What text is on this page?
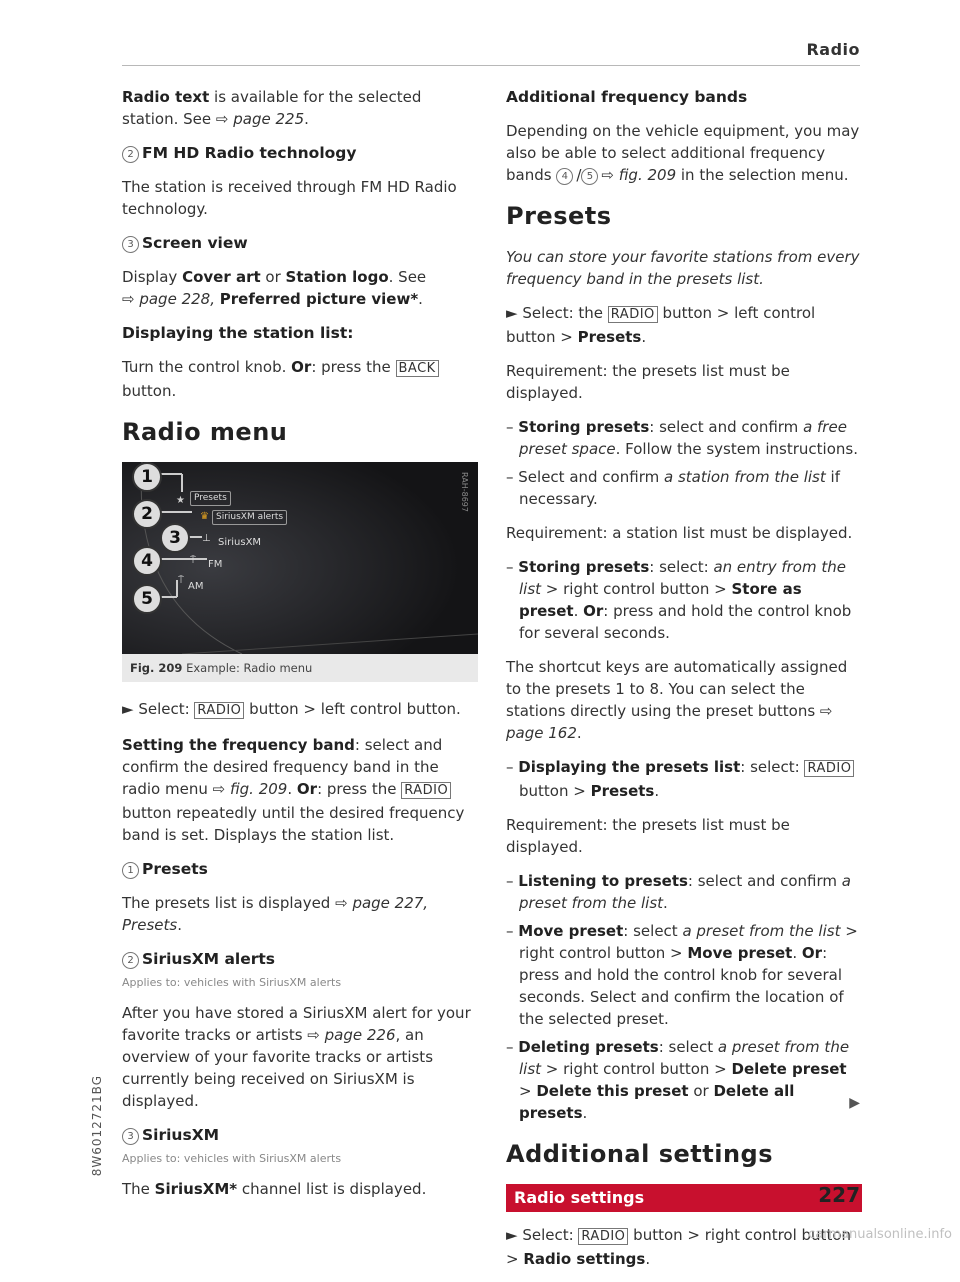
Radio

Radio text is available for the selected station. See ⇨ page 225.

2 FM HD Radio technology

The station is received through FM HD Radio technology.

3 Screen view

Display Cover art or Station logo. See
⇨ page 228, Preferred picture view*.

Displaying the station list:

Turn the control knob. Or: press the BACK button.

Radio menu
RAH-8697
1
2
3
4
5
★	Presets
♛ SiriusXM alerts
⊥ SiriusXM
⍑ FM
⍑
AM
Fig. 209 Example: Radio menu

► Select: RADIO button > left control button.

Setting the frequency band: select and confirm the desired frequency band in the radio menu ⇨ fig. 209. Or: press the RADIO button repeatedly until the desired frequency band is set. Displays the station list.

1 Presets

The presets list is displayed ⇨ page 227, Presets.

2 SiriusXM alerts
Applies to: vehicles with SiriusXM alerts

After you have stored a SiriusXM alert for your favorite tracks or artists ⇨ page 226, an overview of your favorite tracks or artists currently being received on SiriusXM is displayed.

3 SiriusXM
Applies to: vehicles with SiriusXM alerts

The SiriusXM* channel list is displayed.

Additional frequency bands

Depending on the vehicle equipment, you may also be able to select additional frequency bands 4 / 5 ⇨ fig. 209 in the selection menu.

Presets

You can store your favorite stations from every frequency band in the presets list.

► Select: the RADIO button > left control button > Presets.

Requirement: the presets list must be displayed.

– Storing presets: select and confirm a free preset space. Follow the system instructions.

– Select and confirm a station from the list if necessary.

Requirement: a station list must be displayed.

– Storing presets: select: an entry from the list > right control button > Store as preset. Or: press and hold the control knob for several seconds.

The shortcut keys are automatically assigned to the presets 1 to 8. You can select the stations directly using the preset buttons ⇨ page 162.

– Displaying the presets list: select: RADIO button > Presets.

Requirement: the presets list must be displayed.

– Listening to presets: select and confirm a preset from the list.

– Move preset: select a preset from the list > right control button > Move preset. Or: press and hold the control knob for several seconds. Select and confirm the location of the selected preset.

– Deleting presets: select a preset from the list > right control button > Delete preset > Delete this preset or Delete all presets.

Additional settings
Radio settings

► Select: RADIO button > right control button > Radio settings.

▶
8W6012721BG
227
carmanualsonline.info
